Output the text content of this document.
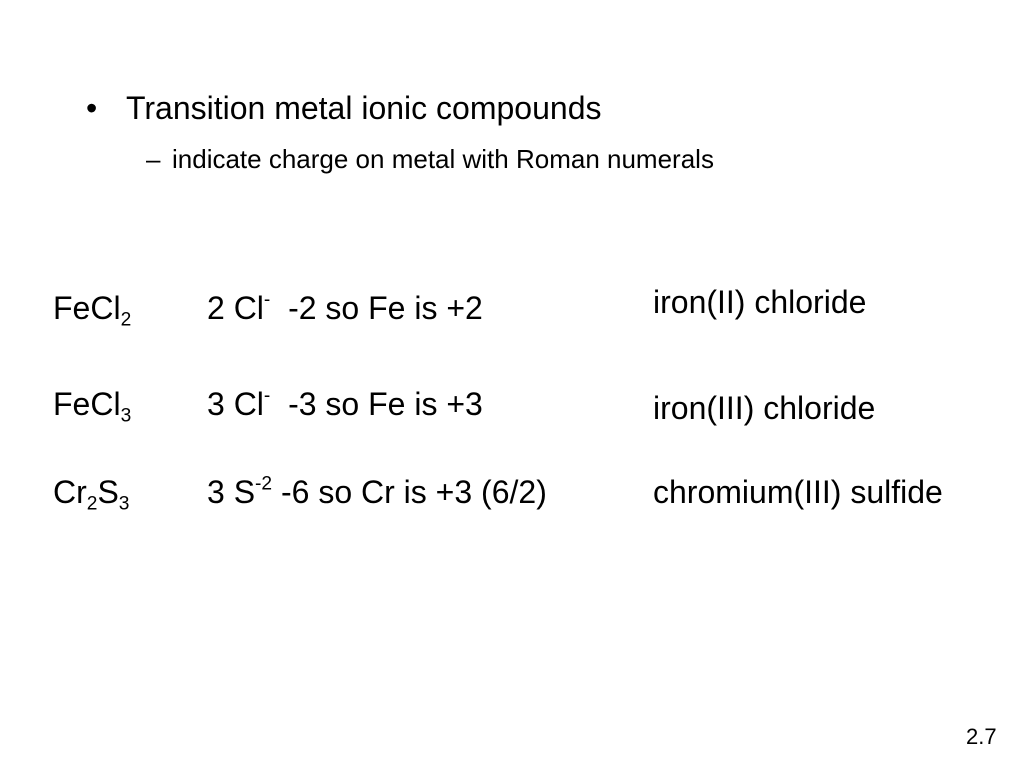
• Transition metal ionic compounds
– indicate charge on metal with Roman numerals
FeCl$_2$ 2 Cl-  -2 so Fe is +2	iron(II) chloride
FeCl$_3$ 3 Cl-  -3 so Fe is +3	iron(III) chloride
$Cr_2S_3$ 3 $S^{-2}$ -6 so Cr is +3 (6/2)	chromium(III) sulfide
2.7
